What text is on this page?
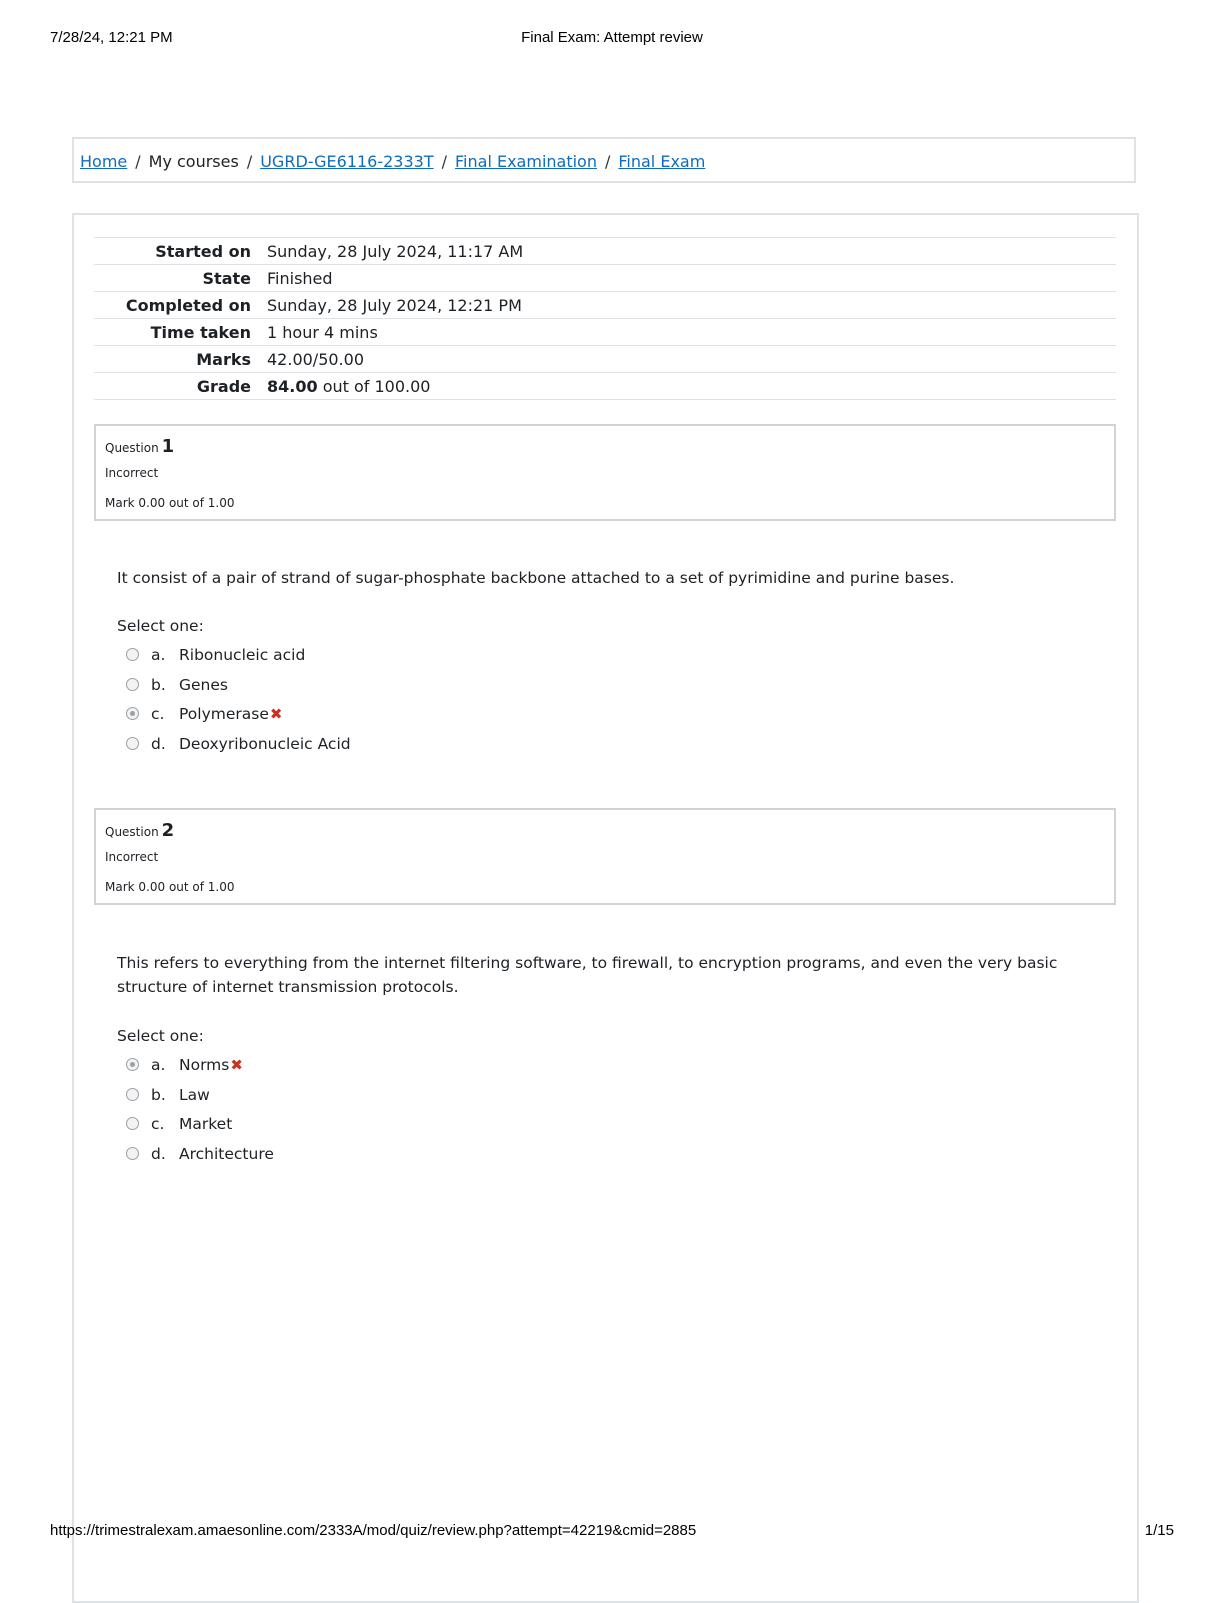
7/28/24, 12:21 PM	Final Exam: Attempt review
Home / My courses / UGRD-GE6116-2333T / Final Examination / Final Exam
Started on	Sunday, 28 July 2024, 11:17 AM
State	Finished
Completed on	Sunday, 28 July 2024, 12:21 PM
Time taken	1 hour 4 mins
Marks	42.00/50.00
Grade	84.00 out of 100.00
Question 1
Incorrect
Mark 0.00 out of 1.00
It consist of a pair of strand of sugar-phosphate backbone attached to a set of pyrimidine and purine bases.
Select one:
a. Ribonucleic acid
b. Genes
c. Polymerase✖
d. Deoxyribonucleic Acid
Question 2
Incorrect
Mark 0.00 out of 1.00
This refers to everything from the internet filtering software, to firewall, to encryption programs, and even the very basic structure of internet transmission protocols.
Select one:
a. Norms✖
b. Law
c. Market
d. Architecture
https://trimestralexam.amaesonline.com/2333A/mod/quiz/review.php?attempt=42219&cmid=2885	1/15
